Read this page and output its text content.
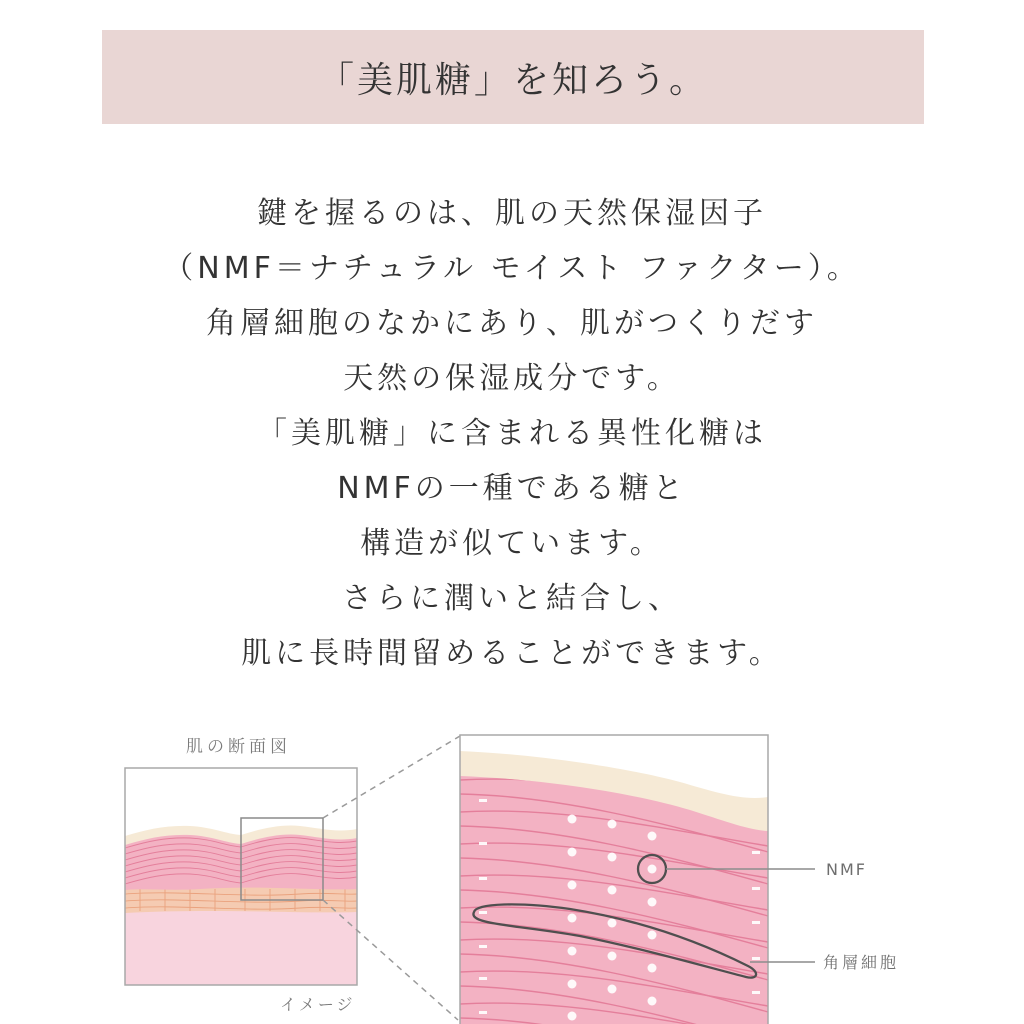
「美肌糖」を知ろう。
鍵を握るのは、肌の天然保湿因子
（NMF＝ナチュラル モイスト ファクター）。
角層細胞のなかにあり、肌がつくりだす
天然の保湿成分です。
「美肌糖」に含まれる異性化糖は
NMFの一種である糖と
構造が似ています。
さらに潤いと結合し、
肌に長時間留めることができます。
肌の断面図
イメージ
NMF
角層細胞
